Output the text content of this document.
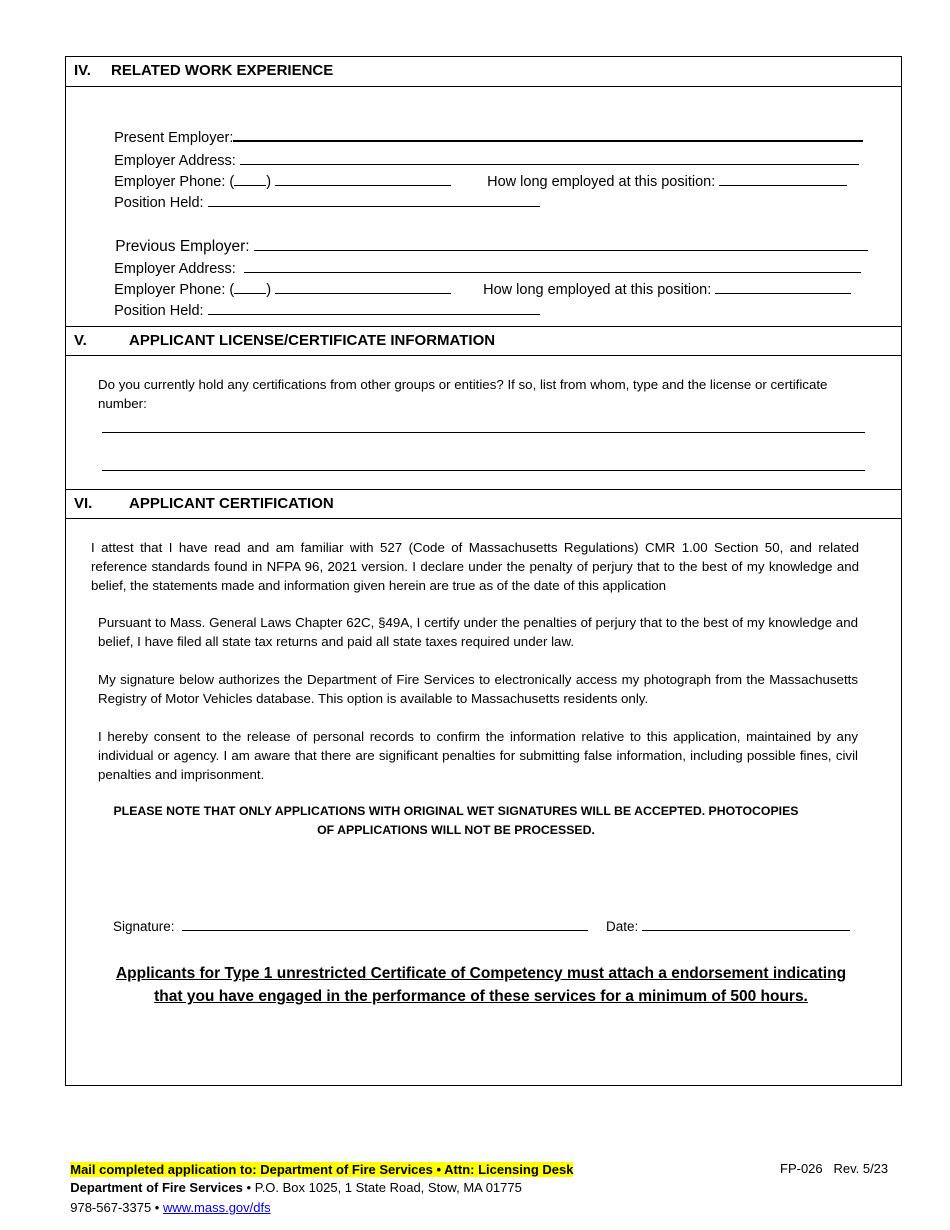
IV. RELATED WORK EXPERIENCE

Present Employer:

Employer Address:

Employer Phone: ( )
	How long employed at this position:

Position Held:

Previous Employer:

Employer Address:

Employer Phone: ( )
	How long employed at this position:

Position Held:

V.	APPLICANT LICENSE/CERTIFICATE INFORMATION
Do you currently hold any certifications from other groups or entities? If so, list from whom, type and the license or certificate number:
VI. APPLICANT CERTIFICATION
I attest that I have read and am familiar with 527 (Code of Massachusetts Regulations) CMR 1.00 Section 50, and related reference standards found in NFPA 96, 2021 version. I declare under the penalty of perjury that to the best of my knowledge and belief, the statements made and information given herein are true as of the date of this application
Pursuant to Mass. General Laws Chapter 62C, §49A, I certify under the penalties of perjury that to the best of my knowledge and belief, I have filed all state tax returns and paid all state taxes required under law.
My signature below authorizes the Department of Fire Services to electronically access my photograph from the Massachusetts Registry of Motor Vehicles database. This option is available to Massachusetts residents only.
I hereby consent to the release of personal records to confirm the information relative to this application, maintained by any individual or agency. I am aware that there are significant penalties for submitting false information, including possible fines, civil penalties and imprisonment.
PLEASE NOTE THAT ONLY APPLICATIONS WITH ORIGINAL WET SIGNATURES WILL BE ACCEPTED. PHOTOCOPIES
OF APPLICATIONS WILL NOT BE PROCESSED.

Signature:
	Date:

Applicants for Type 1 unrestricted Certificate of Competency must attach a endorsement indicating
that you have engaged in the performance of these services for a minimum of 500 hours.

Mail completed application to: Department of Fire Services • Attn: Licensing Desk

Department of Fire Services • P.O. Box 1025, 1 State Road, Stow, MA 01775

978-567-3375 • www.mass.gov/dfs

FP-026   Rev. 5/23
